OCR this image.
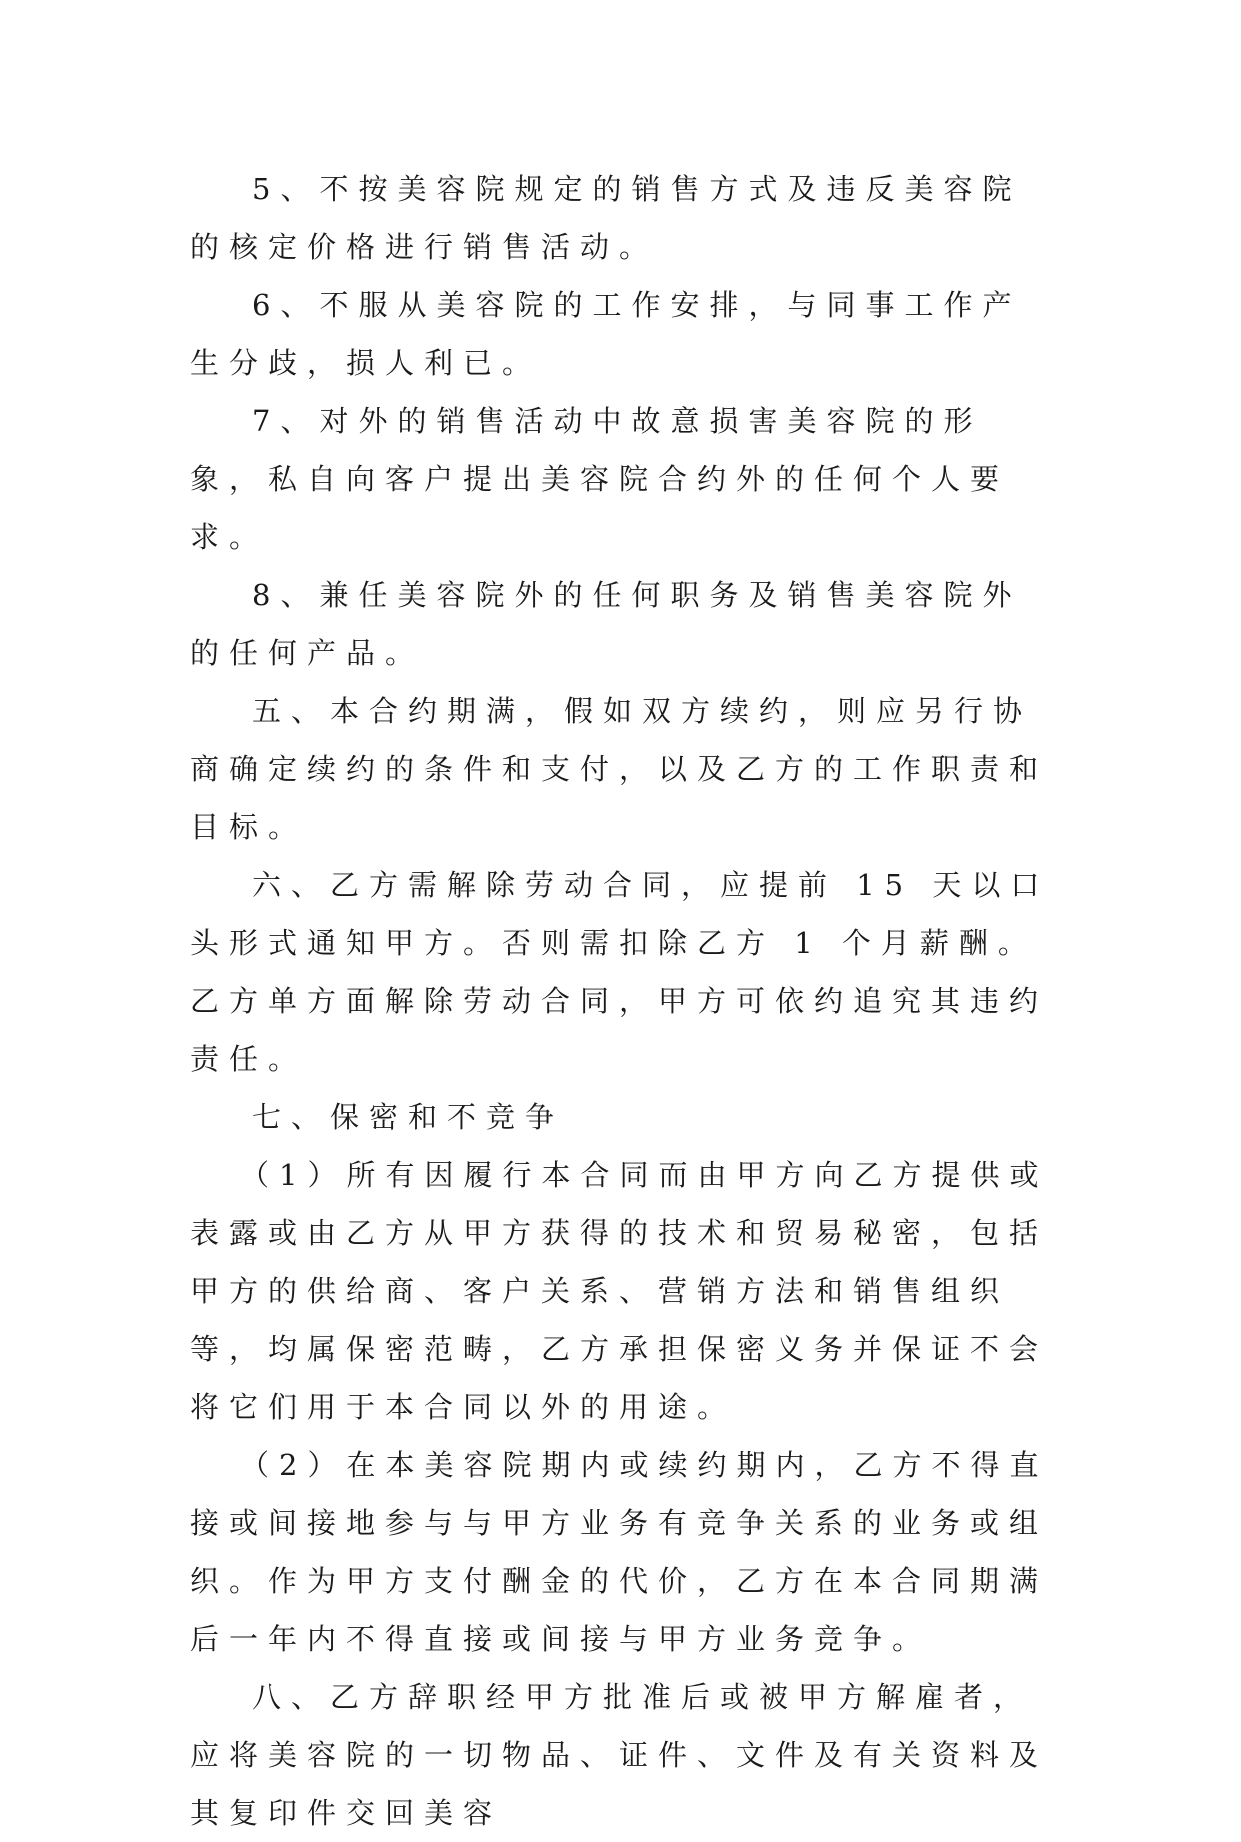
5、不按美容院规定的销售方式及违反美容院的核定价格进行销售活动。

6、不服从美容院的工作安排，与同事工作产生分歧，损人利已。

7、对外的销售活动中故意损害美容院的形象，私自向客户提出美容院合约外的任何个人要求。

8、兼任美容院外的任何职务及销售美容院外的任何产品。

五、本合约期满，假如双方续约，则应另行协商确定续约的条件和支付，以及乙方的工作职责和目标。

六、乙方需解除劳动合同，应提前 15 天以口头形式通知甲方。否则需扣除乙方 1 个月薪酬。乙方单方面解除劳动合同，甲方可依约追究其违约责任。

七、保密和不竞争

（1）所有因履行本合同而由甲方向乙方提供或表露或由乙方从甲方获得的技术和贸易秘密，包括甲方的供给商、客户关系、营销方法和销售组织等，均属保密范畴，乙方承担保密义务并保证不会将它们用于本合同以外的用途。

（2）在本美容院期内或续约期内，乙方不得直接或间接地参与与甲方业务有竞争关系的业务或组织。作为甲方支付酬金的代价，乙方在本合同期满后一年内不得直接或间接与甲方业务竞争。

八、乙方辞职经甲方批准后或被甲方解雇者，应将美容院的一切物品、证件、文件及有关资料及其复印件交回美容
